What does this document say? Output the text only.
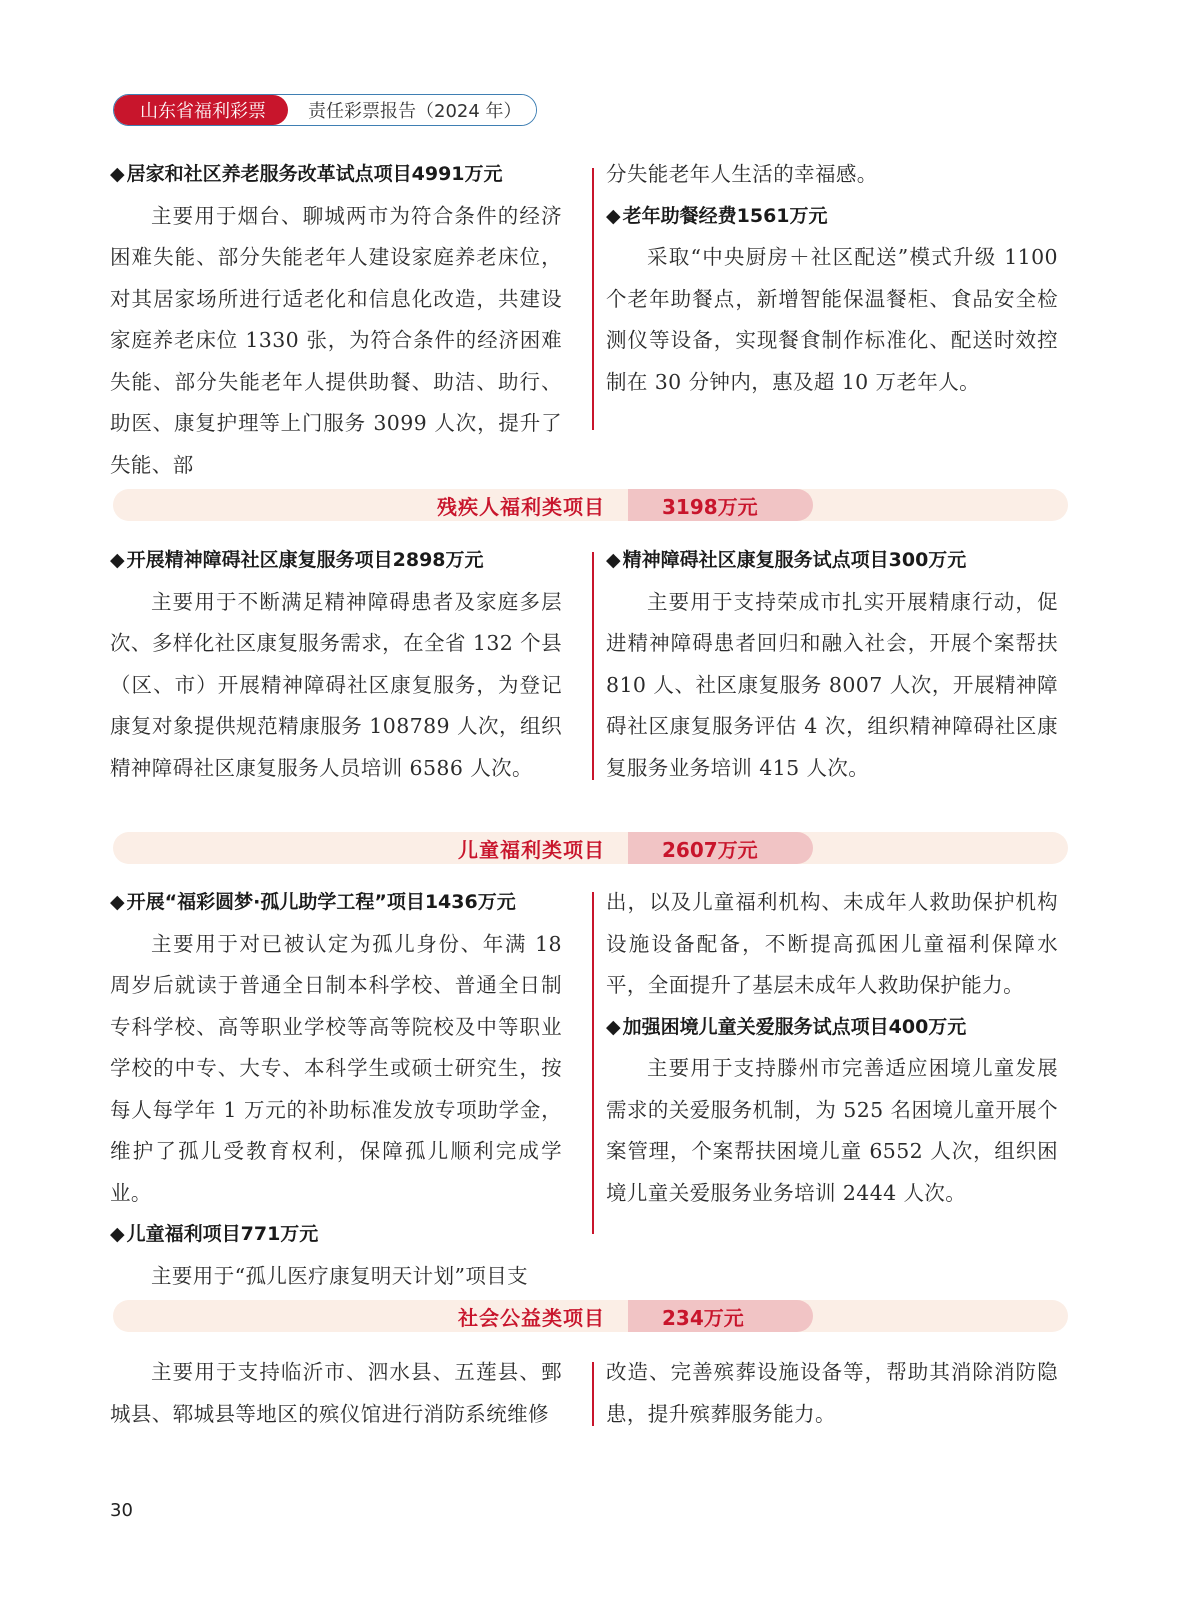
山东省福利彩票	责任彩票报告（2024 年）
◆ 居家和社区养老服务改革试点项目4991万元

主要用于烟台、聊城两市为符合条件的经济困难失能、部分失能老年人建设家庭养老床位，对其居家场所进行适老化和信息化改造，共建设家庭养老床位 1330 张，为符合条件的经济困难失能、部分失能老年人提供助餐、助洁、助行、助医、康复护理等上门服务 3099 人次，提升了失能、部

分失能老年人生活的幸福感。

◆ 老年助餐经费1561万元

采取“中央厨房＋社区配送”模式升级 1100 个老年助餐点，新增智能保温餐柜、食品安全检测仪等设备，实现餐食制作标准化、配送时效控制在 30 分钟内，惠及超 10 万老年人。

残疾人福利类项目	3198万元
◆ 开展精神障碍社区康复服务项目2898万元

主要用于不断满足精神障碍患者及家庭多层次、多样化社区康复服务需求，在全省 132 个县（区、市）开展精神障碍社区康复服务，为登记康复对象提供规范精康服务 108789 人次，组织精神障碍社区康复服务人员培训 6586 人次。

◆ 精神障碍社区康复服务试点项目300万元

主要用于支持荣成市扎实开展精康行动，促进精神障碍患者回归和融入社会，开展个案帮扶 810 人、社区康复服务 8007 人次，开展精神障碍社区康复服务评估 4 次，组织精神障碍社区康复服务业务培训 415 人次。

儿童福利类项目	2607万元
◆ 开展“福彩圆梦·孤儿助学工程”项目1436万元

主要用于对已被认定为孤儿身份、年满 18 周岁后就读于普通全日制本科学校、普通全日制专科学校、高等职业学校等高等院校及中等职业学校的中专、大专、本科学生或硕士研究生，按每人每学年 1 万元的补助标准发放专项助学金，维护了孤儿受教育权利，保障孤儿顺利完成学业。

◆ 儿童福利项目771万元

主要用于“孤儿医疗康复明天计划”项目支

出，以及儿童福利机构、未成年人救助保护机构设施设备配备，不断提高孤困儿童福利保障水平，全面提升了基层未成年人救助保护能力。

◆ 加强困境儿童关爱服务试点项目400万元

主要用于支持滕州市完善适应困境儿童发展需求的关爱服务机制，为 525 名困境儿童开展个案管理，个案帮扶困境儿童 6552 人次，组织困境儿童关爱服务业务培训 2444 人次。

社会公益类项目	234万元

主要用于支持临沂市、泗水县、五莲县、鄄城县、郓城县等地区的殡仪馆进行消防系统维修

改造、完善殡葬设施设备等，帮助其消除消防隐患，提升殡葬服务能力。

30
